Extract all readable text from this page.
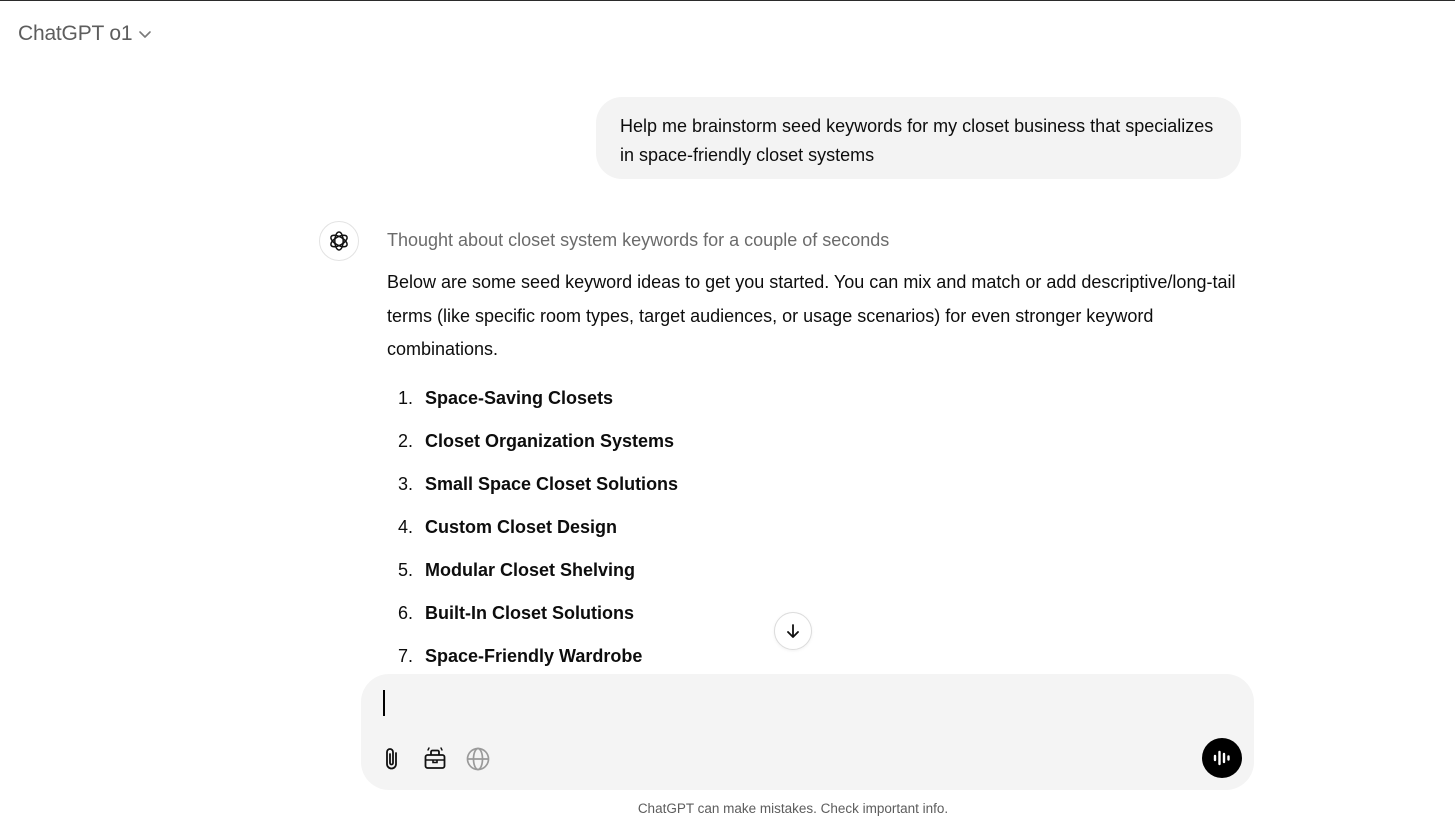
ChatGPT o1
Help me brainstorm seed keywords for my closet business that specializes in space-friendly closet systems
Thought about closet system keywords for a couple of seconds
Below are some seed keyword ideas to get you started. You can mix and match or add descriptive/long-tail terms (like specific room types, target audiences, or usage scenarios) for even stronger keyword combinations.
1. Space-Saving Closets
2. Closet Organization Systems
3. Small Space Closet Solutions
4. Custom Closet Design
5. Modular Closet Shelving
6. Built-In Closet Solutions
7. Space-Friendly Wardrobe
ChatGPT can make mistakes. Check important info.
